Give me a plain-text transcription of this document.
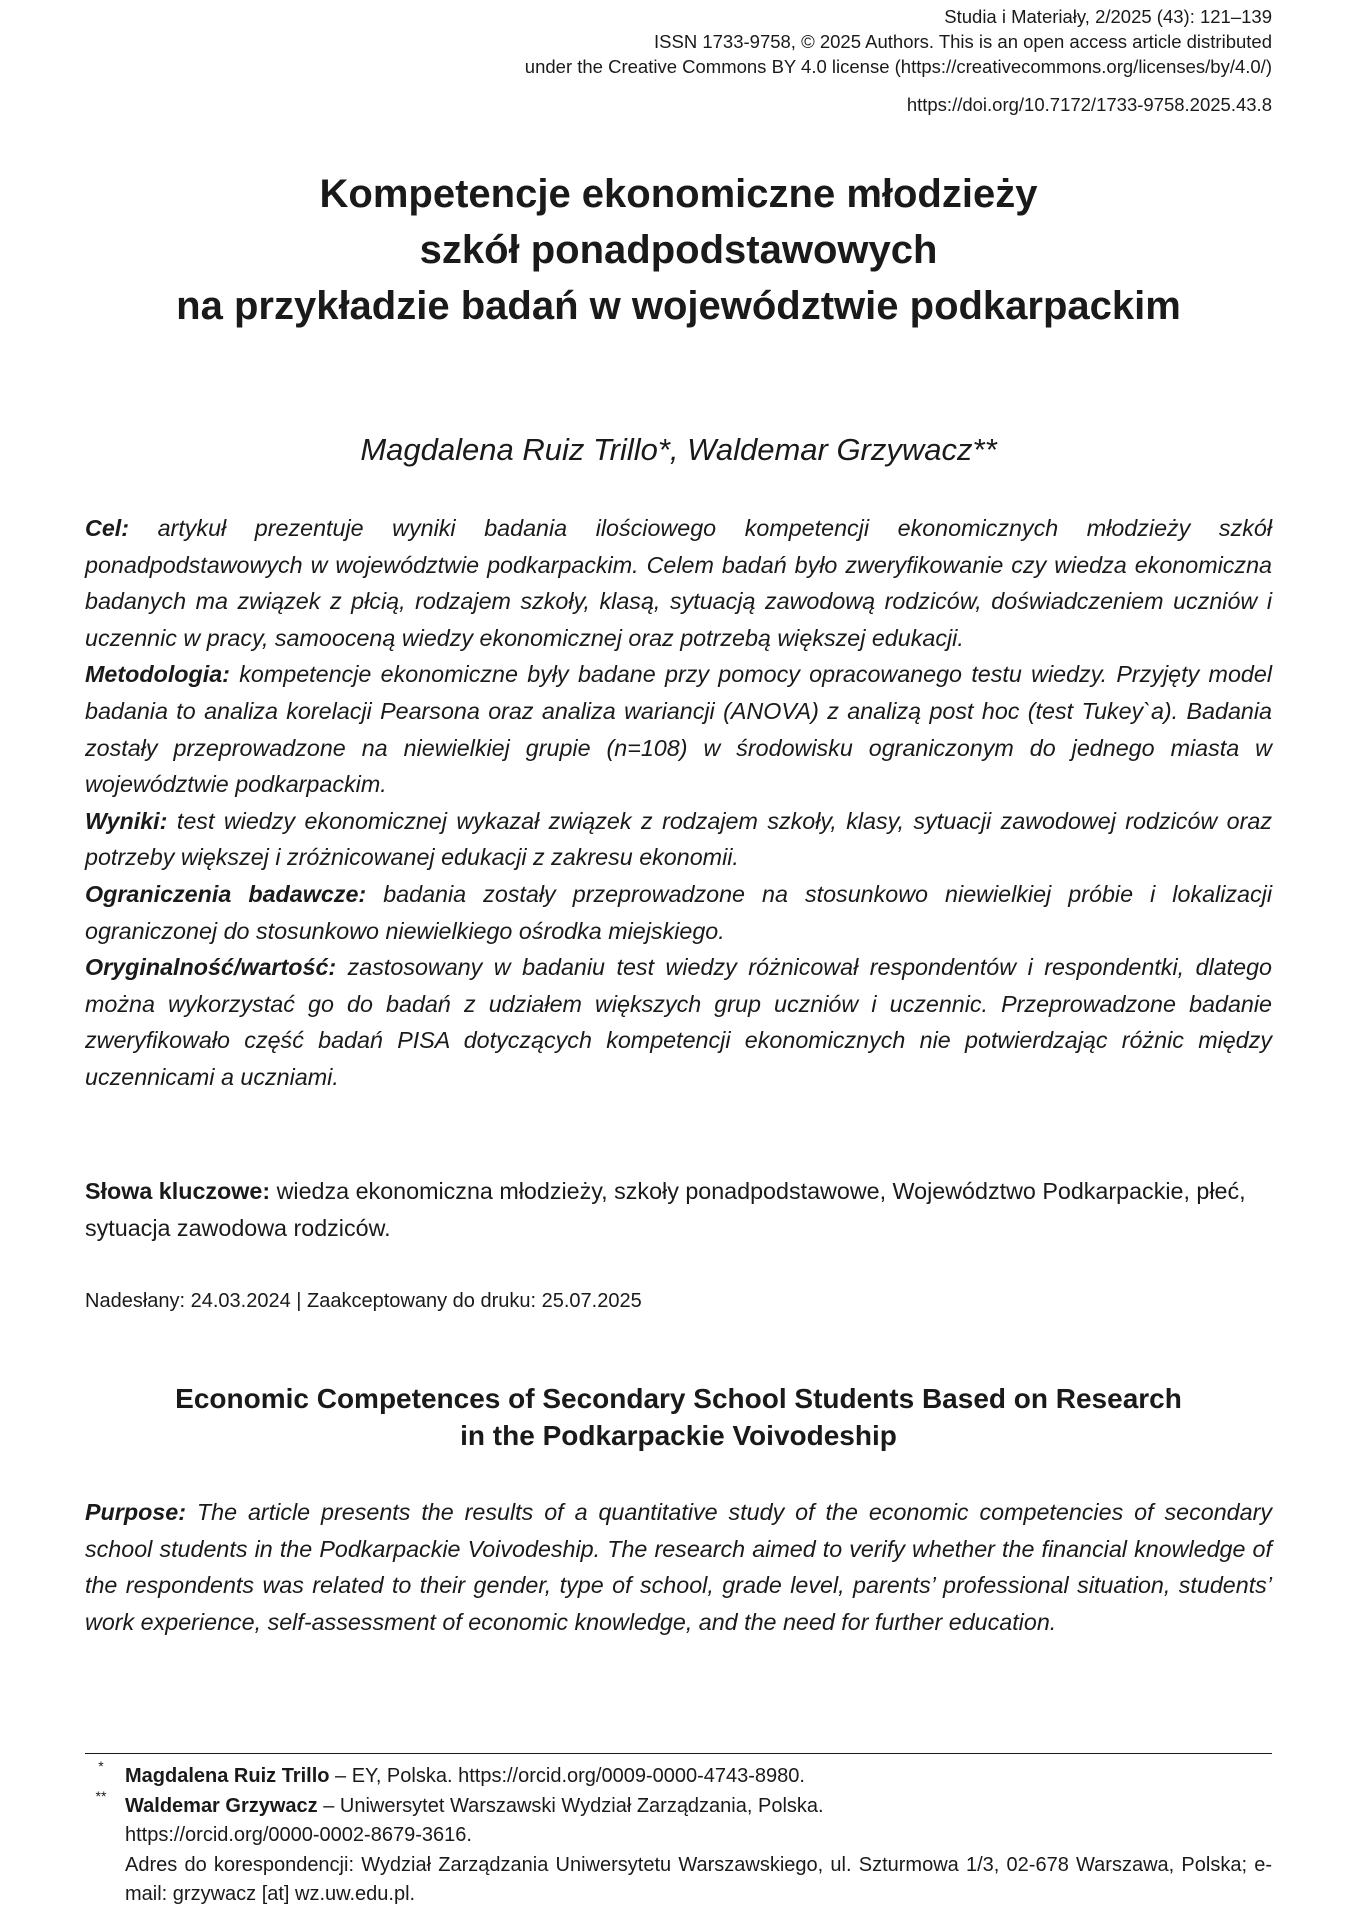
Studia i Materiały, 2/2025 (43): 121–139
ISSN 1733-9758, © 2025 Authors. This is an open access article distributed
under the Creative Commons BY 4.0 license (https://creativecommons.org/licenses/by/4.0/)
https://doi.org/10.7172/1733-9758.2025.43.8
Kompetencje ekonomiczne młodzieży
szkół ponadpodstawowych
na przykładzie badań w województwie podkarpackim
Magdalena Ruiz Trillo*, Waldemar Grzywacz**

Cel: artykuł prezentuje wyniki badania ilościowego kompetencji ekonomicznych młodzieży szkół ponadpodstawowych w województwie podkarpackim. Celem badań było zweryfikowanie czy wiedza ekonomiczna badanych ma związek z płcią, rodzajem szkoły, klasą, sytuacją zawodową rodziców, doświadczeniem uczniów i uczennic w pracy, samooceną wiedzy ekonomicznej oraz potrzebą większej edukacji.

Metodologia: kompetencje ekonomiczne były badane przy pomocy opracowanego testu wiedzy. Przyjęty model badania to analiza korelacji Pearsona oraz analiza wariancji (ANOVA) z analizą post hoc (test Tukey`a). Badania zostały przeprowadzone na niewielkiej grupie (n=108) w środowisku ograniczonym do jednego miasta w województwie podkarpackim.

Wyniki: test wiedzy ekonomicznej wykazał związek z rodzajem szkoły, klasy, sytuacji zawodowej rodziców oraz potrzeby większej i zróżnicowanej edukacji z zakresu ekonomii.

Ograniczenia badawcze: badania zostały przeprowadzone na stosunkowo niewielkiej próbie i lokalizacji ograniczonej do stosunkowo niewielkiego ośrodka miejskiego.

Oryginalność/wartość: zastosowany w badaniu test wiedzy różnicował respondentów i respondentki, dlatego można wykorzystać go do badań z udziałem większych grup uczniów i uczennic. Przeprowadzone badanie zweryfikowało część badań PISA dotyczących kompetencji ekonomicznych nie potwierdzając różnic między uczennicami a uczniami.

Słowa kluczowe: wiedza ekonomiczna młodzieży, szkoły ponadpodstawowe, Województwo Podkarpackie, płeć, sytuacja zawodowa rodziców.
Nadesłany: 24.03.2024 | Zaakceptowany do druku: 25.07.2025
Economic Competences of Secondary School Students Based on Research
in the Podkarpackie Voivodeship

Purpose: The article presents the results of a quantitative study of the economic competencies of secondary school students in the Podkarpackie Voivodeship. The research aimed to verify whether the financial knowledge of the respondents was related to their gender, type of school, grade level, parents’ professional situation, students’ work experience, self-assessment of economic knowledge, and the need for further education.

*	Magdalena Ruiz Trillo – EY, Polska. https://orcid.org/0009-0000-4743-8980.
** Waldemar Grzywacz – Uniwersytet Warszawski Wydział Zarządzania, Polska.
https://orcid.org/0000-0002-8679-3616.
Adres do korespondencji: Wydział Zarządzania Uniwersytetu Warszawskiego, ul. Szturmowa 1/3, 02-678 Warszawa, Polska; e-mail: grzywacz [at] wz.uw.edu.pl.
